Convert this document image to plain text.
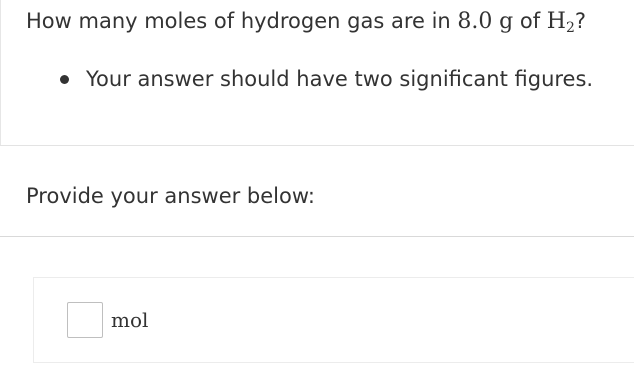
How many moles of hydrogen gas are in 8.0 g of $H_2$?
Your answer should have two significant figures.
Provide your answer below:
mol
